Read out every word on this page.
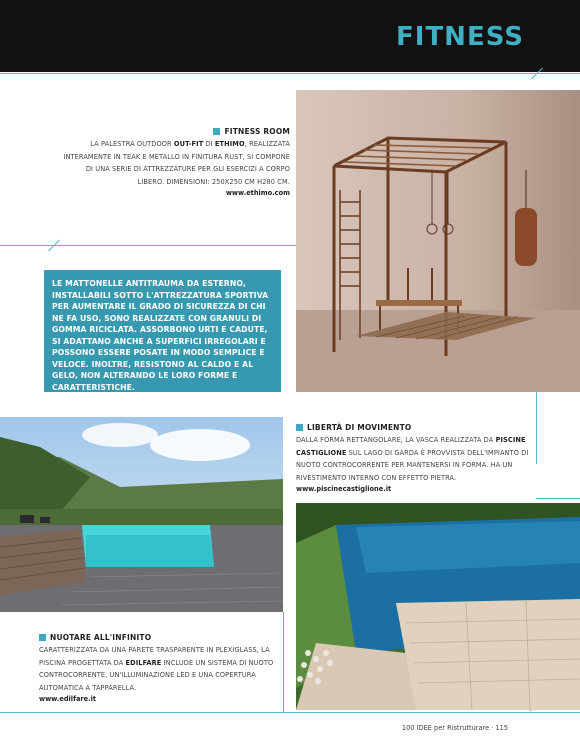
FITNESS
FITNESS ROOM
LA PALESTRA OUTDOOR OUT-FIT DI ETHIMO, REALIZZATA INTERAMENTE IN TEAK E METALLO IN FINITURA RUST, SI COMPONE DI UNA SERIE DI ATTREZZATURE PER GLI ESERCIZI A CORPO LIBERO. DIMENSIONI: 250X250 CM H280 CM.
www.ethimo.com
LE MATTONELLE ANTITRAUMA DA ESTERNO, INSTALLABILI SOTTO L'ATTREZZATURA SPORTIVA PER AUMENTARE IL GRADO DI SICUREZZA DI CHI NE FA USO, SONO REALIZZATE CON GRANULI DI GOMMA RICICLATA. ASSORBONO URTI E CADUTE, SI ADATTANO ANCHE A SUPERFICI IRREGOLARI E POSSONO ESSERE POSATE IN MODO SEMPLICE E VELOCE. INOLTRE, RESISTONO AL CALDO E AL GELO, NON ALTERANDO LE LORO FORME E CARATTERISTICHE.
LIBERTÀ DI MOVIMENTO
DALLA FORMA RETTANGOLARE, LA VASCA REALIZZATA DA PISCINE CASTIGLIONE SUL LAGO DI GARDA È PROVVISTA DELL'IMPIANTO DI NUOTO CONTROCORRENTE PER MANTENERSI IN FORMA. HA UN RIVESTIMENTO INTERNO CON EFFETTO PIETRA.
www.piscinecastiglione.it
NUOTARE ALL'INFINITO
CARATTERIZZATA DA UNA PARETE TRASPARENTE IN PLEXIGLASS, LA PISCINA PROGETTATA DA EDILFARE INCLUDE UN SISTEMA DI NUOTO CONTROCORRENTE, UN'ILLUMINAZIONE LED E UNA COPERTURA AUTOMATICA A TAPPARELLA.
www.edilfare.it
100 IDEE per Ristrutturare · 115
